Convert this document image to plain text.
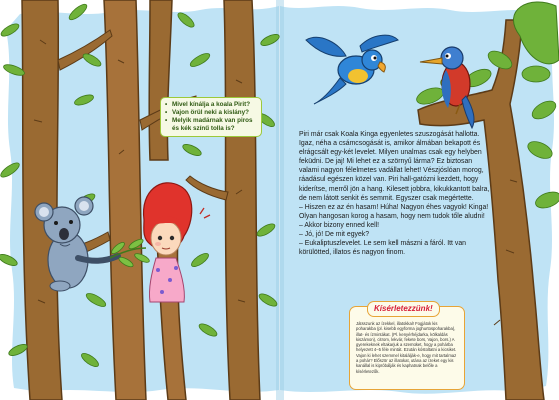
• Mivel kínálja a koala Pirit?
• Vajon örül neki a kislány?
• Melyik madárnak van piros és kék színű tolla is?

Piri már csak Koala Kinga egyenletes szuszogását hallotta. Igaz, néha a csámcsogását is, amikor álmában bekapott és elrágcsált egy-két levelet. Milyen unalmas csak egy helyben feküdni. De jaj! Mi lehet ez a szörnyű lárma? Ez biztosan valami nagyon félelmetes vadállat lehet! Vészjóslóan morog, ráadásul egészen közel van. Piri hall-gatózni kezdett, hogy kiderítse, merről jön a hang. Kilesett jobbra, kikukkantott balra, de nem látott senkit és semmit. Egyszer csak megértette.

– Hiszen ez az én hasam! Húha! Nagyon éhes vagyok! Kinga! Olyan hangosan korog a hasam, hogy nem tudok tőle aludni!

– Akkor bizony enned kell!

– Jó, jó! De mit egyek?

– Eukaliptuszlevelet. Le sem kell mászni a fáról. Itt van körülötted, illatos és nagyon finom.

Kísérletezzünk!
Játsszunk az ízekkel, illatokkal! Fogjátok kis poharakba (pl. kisebb egyforma joghurtospoharakba), illat- és ízmintákat. (Pl. kenyérhéjdarka, kölkaldás kiszámon), citrom, lekvár, fekete bors, Vajon, bors.) A gyerekeknek eltakarjuk a szemüket, hogy a pohárba helyezett 4–5 féle mintát. Ezután kóstoltatni a kicsiket. Vajon ki lehet szemmel kitalálják-e, hogy mit tartalmaz a pohár? Először az illatokat, utána az ízeket egy kis kanállal is kipróbálják és kaphatnak belőle a kísérletezők.
